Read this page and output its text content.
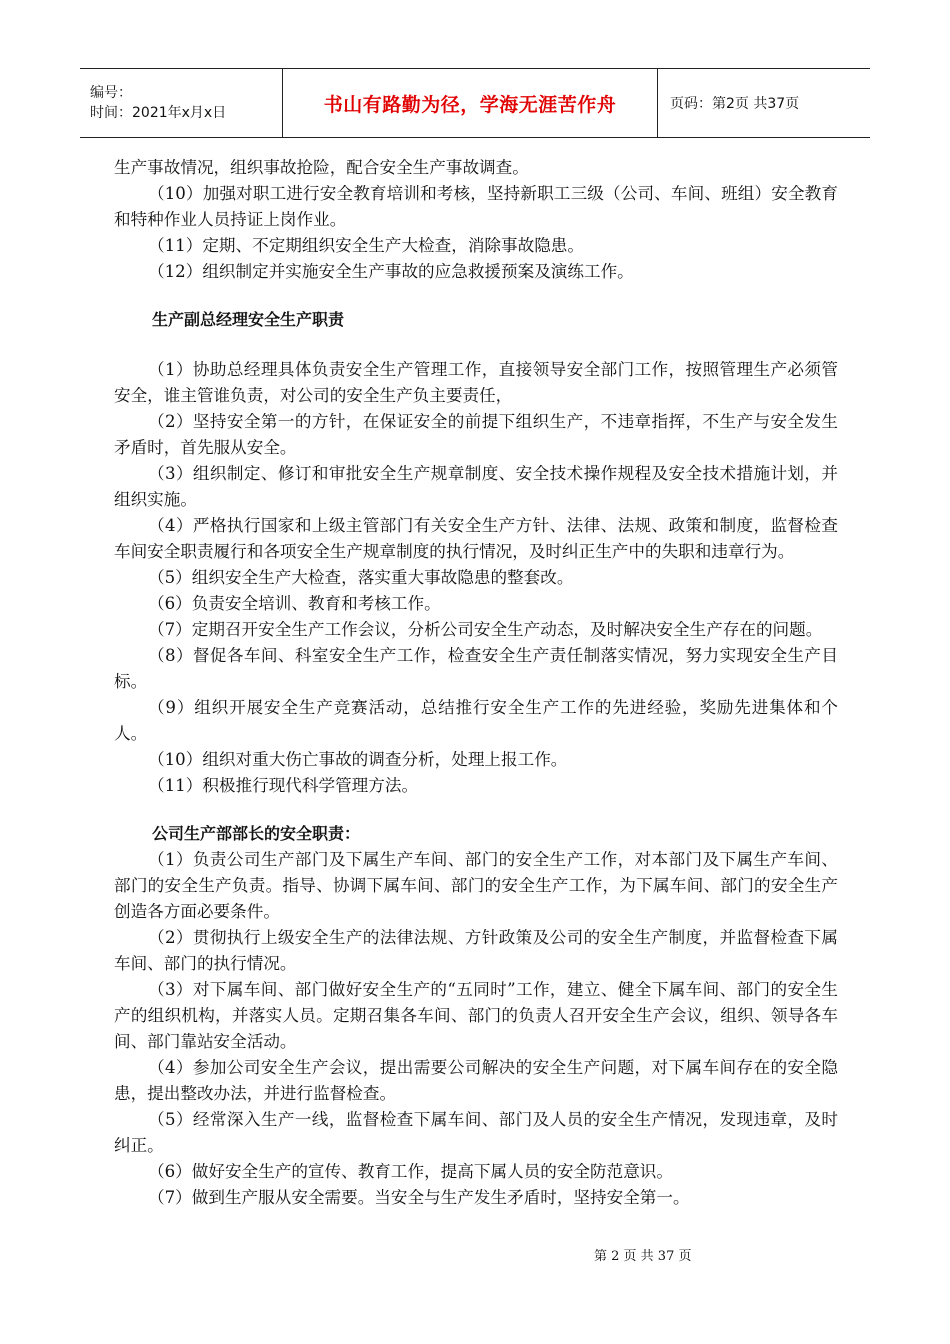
编号：
时间：2021年x月x日	书山有路勤为径，学海无涯苦作舟	页码：第2页 共37页

生产事故情况，组织事故抢险，配合安全生产事故调查。

（10）加强对职工进行安全教育培训和考核，坚持新职工三级（公司、车间、班组）安全教育和特种作业人员持证上岗作业。

（11）定期、不定期组织安全生产大检查，消除事故隐患。

（12）组织制定并实施安全生产事故的应急救援预案及演练工作。

生产副总经理安全生产职责

（1）协助总经理具体负责安全生产管理工作，直接领导安全部门工作，按照管理生产必须管安全，谁主管谁负责，对公司的安全生产负主要责任，

（2）坚持安全第一的方针，在保证安全的前提下组织生产，不违章指挥，不生产与安全发生矛盾时，首先服从安全。

（3）组织制定、修订和审批安全生产规章制度、安全技术操作规程及安全技术措施计划，并组织实施。

（4）严格执行国家和上级主管部门有关安全生产方针、法律、法规、政策和制度，监督检查车间安全职责履行和各项安全生产规章制度的执行情况，及时纠正生产中的失职和违章行为。

（5）组织安全生产大检查，落实重大事故隐患的整套改。

（6）负责安全培训、教育和考核工作。

（7）定期召开安全生产工作会议，分析公司安全生产动态，及时解决安全生产存在的问题。

（8）督促各车间、科室安全生产工作，检查安全生产责任制落实情况，努力实现安全生产目标。

（9）组织开展安全生产竞赛活动，总结推行安全生产工作的先进经验，奖励先进集体和个人。

（10）组织对重大伤亡事故的调查分析，处理上报工作。

（11）积极推行现代科学管理方法。

公司生产部部长的安全职责：

（1）负责公司生产部门及下属生产车间、部门的安全生产工作，对本部门及下属生产车间、部门的安全生产负责。指导、协调下属车间、部门的安全生产工作，为下属车间、部门的安全生产创造各方面必要条件。

（2）贯彻执行上级安全生产的法律法规、方针政策及公司的安全生产制度，并监督检查下属车间、部门的执行情况。

（3）对下属车间、部门做好安全生产的“五同时”工作，建立、健全下属车间、部门的安全生产的组织机构，并落实人员。定期召集各车间、部门的负责人召开安全生产会议，组织、领导各车间、部门靠站安全活动。

（4）参加公司安全生产会议，提出需要公司解决的安全生产问题，对下属车间存在的安全隐患，提出整改办法，并进行监督检查。

（5）经常深入生产一线，监督检查下属车间、部门及人员的安全生产情况，发现违章，及时纠正。

（6）做好安全生产的宣传、教育工作，提高下属人员的安全防范意识。

（7）做到生产服从安全需要。当安全与生产发生矛盾时，坚持安全第一。

第 2 页 共 37 页
